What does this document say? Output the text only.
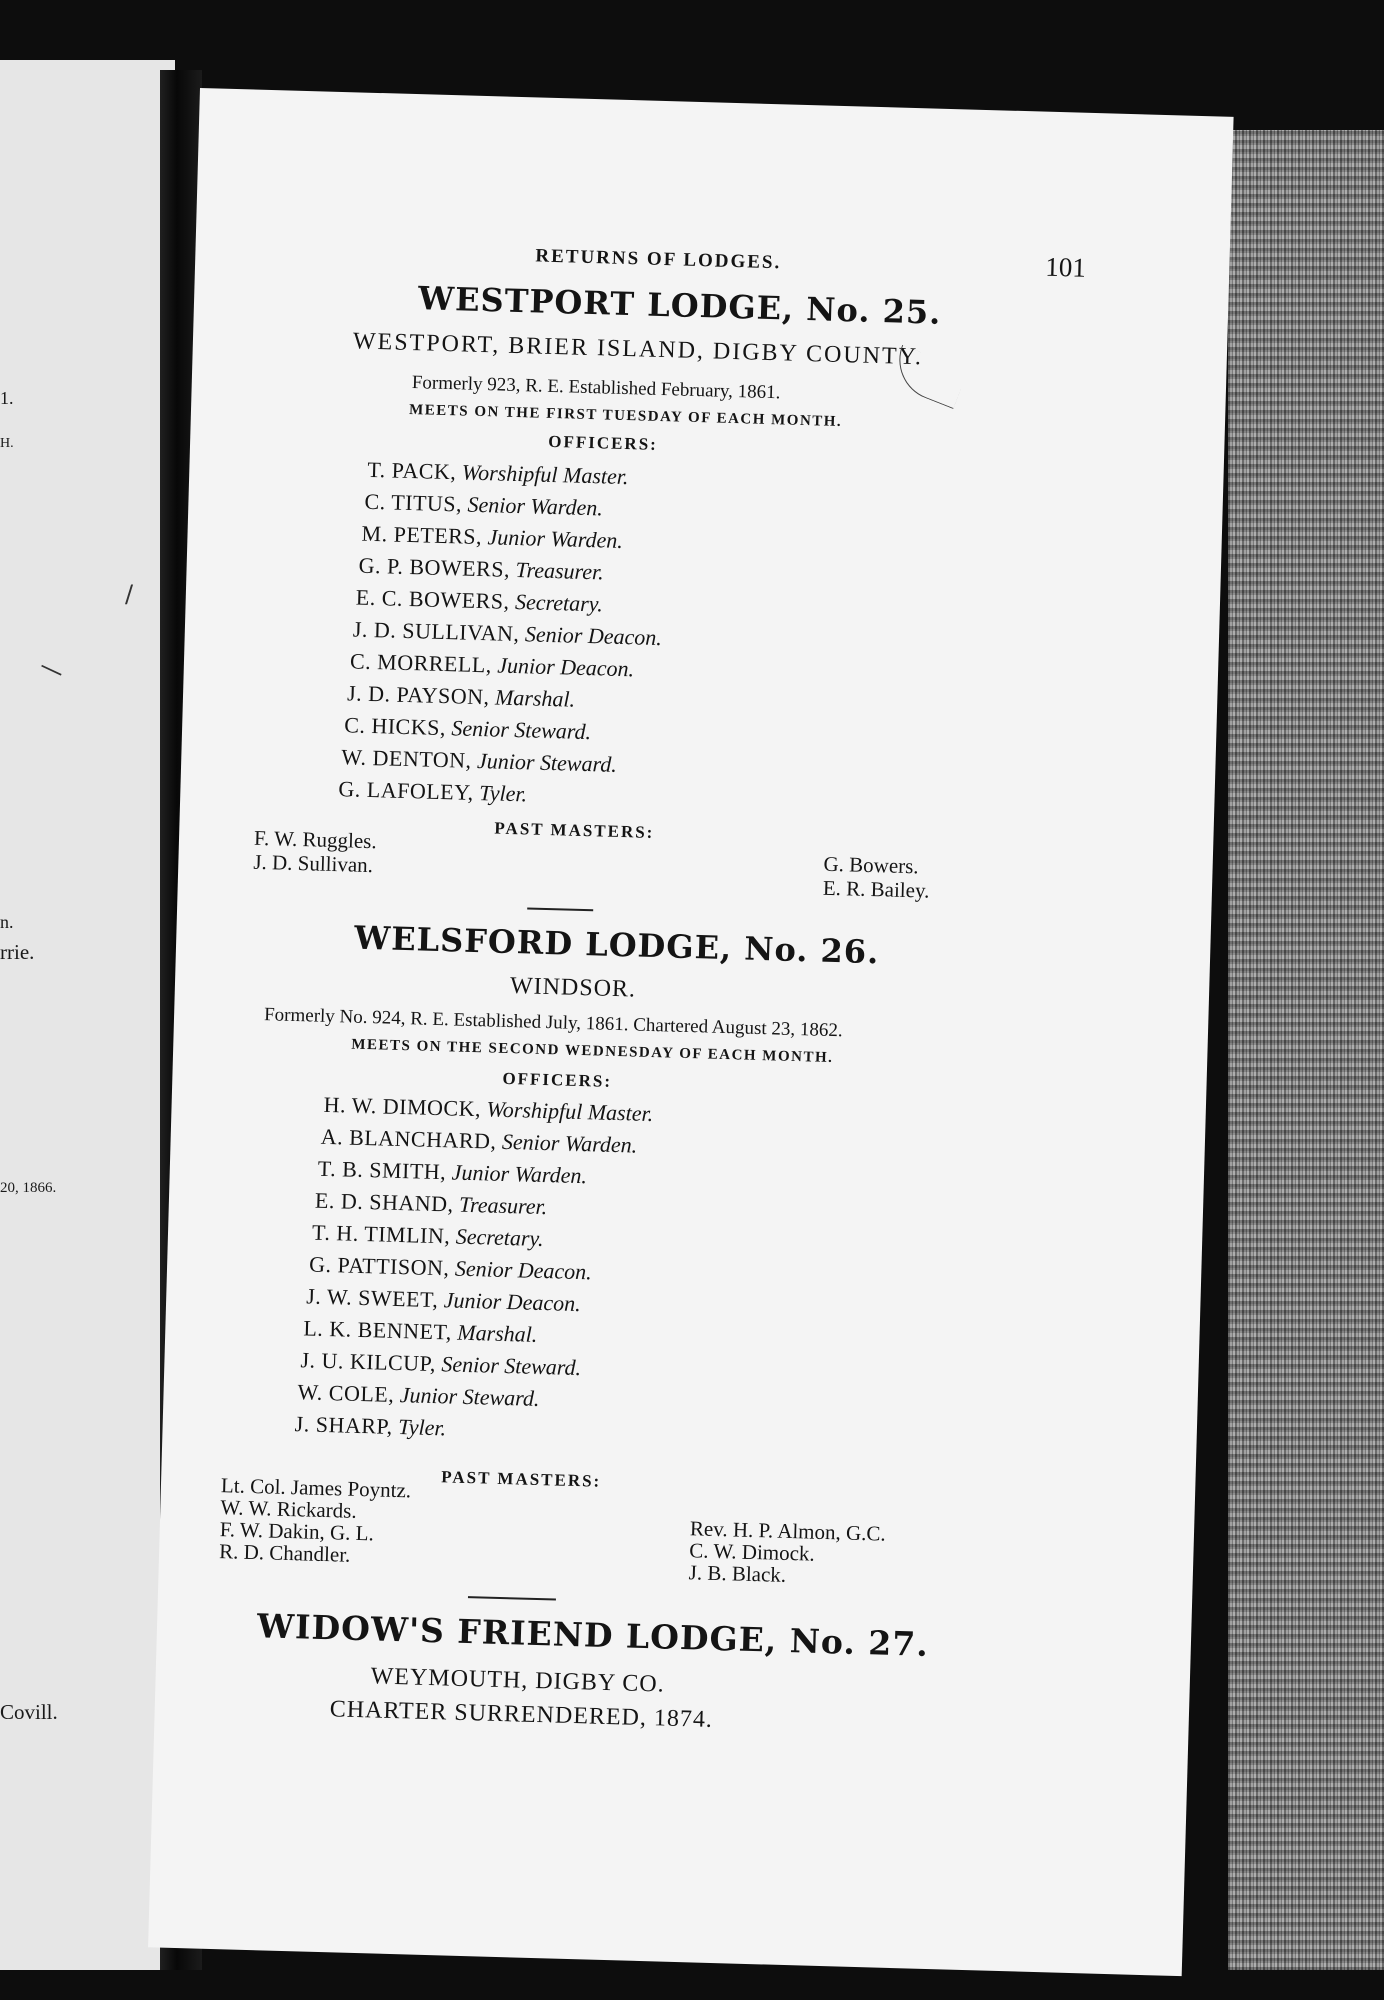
1.
H.
/
—
n.
rrie.
20, 1866.
Covill.
RETURNS OF LODGES.	101
WESTPORT LODGE, No. 25.
WESTPORT, BRIER ISLAND, DIGBY COUNTY.
Formerly 923, R. E. Established February, 1861.
MEETS ON THE FIRST TUESDAY OF EACH MONTH.
OFFICERS:
T. PACK, Worshipful Master.
C. TITUS, Senior Warden.
M. PETERS, Junior Warden.
G. P. BOWERS, Treasurer.
E. C. BOWERS, Secretary.
J. D. SULLIVAN, Senior Deacon.
C. MORRELL, Junior Deacon.
J. D. PAYSON, Marshal.
C. HICKS, Senior Steward.
W. DENTON, Junior Steward.
G. LAFOLEY, Tyler.
PAST MASTERS:
F. W. Ruggles.
J. D. Sullivan.	G. Bowers.
E. R. Bailey.
WELSFORD LODGE, No. 26.
WINDSOR.
Formerly No. 924, R. E. Established July, 1861. Chartered August 23, 1862.
MEETS ON THE SECOND WEDNESDAY OF EACH MONTH.
OFFICERS:
H. W. DIMOCK, Worshipful Master.
A. BLANCHARD, Senior Warden.
T. B. SMITH, Junior Warden.
E. D. SHAND, Treasurer.
T. H. TIMLIN, Secretary.
G. PATTISON, Senior Deacon.
J. W. SWEET, Junior Deacon.
L. K. BENNET, Marshal.
J. U. KILCUP, Senior Steward.
W. COLE, Junior Steward.
J. SHARP, Tyler.
PAST MASTERS:
Lt. Col. James Poyntz.
W. W. Rickards.
F. W. Dakin, G. L.
R. D. Chandler.
Rev. H. P. Almon, G.C.
C. W. Dimock.
J. B. Black.
WIDOW'S FRIEND LODGE, No. 27.
WEYMOUTH, DIGBY CO.
CHARTER SURRENDERED, 1874.
